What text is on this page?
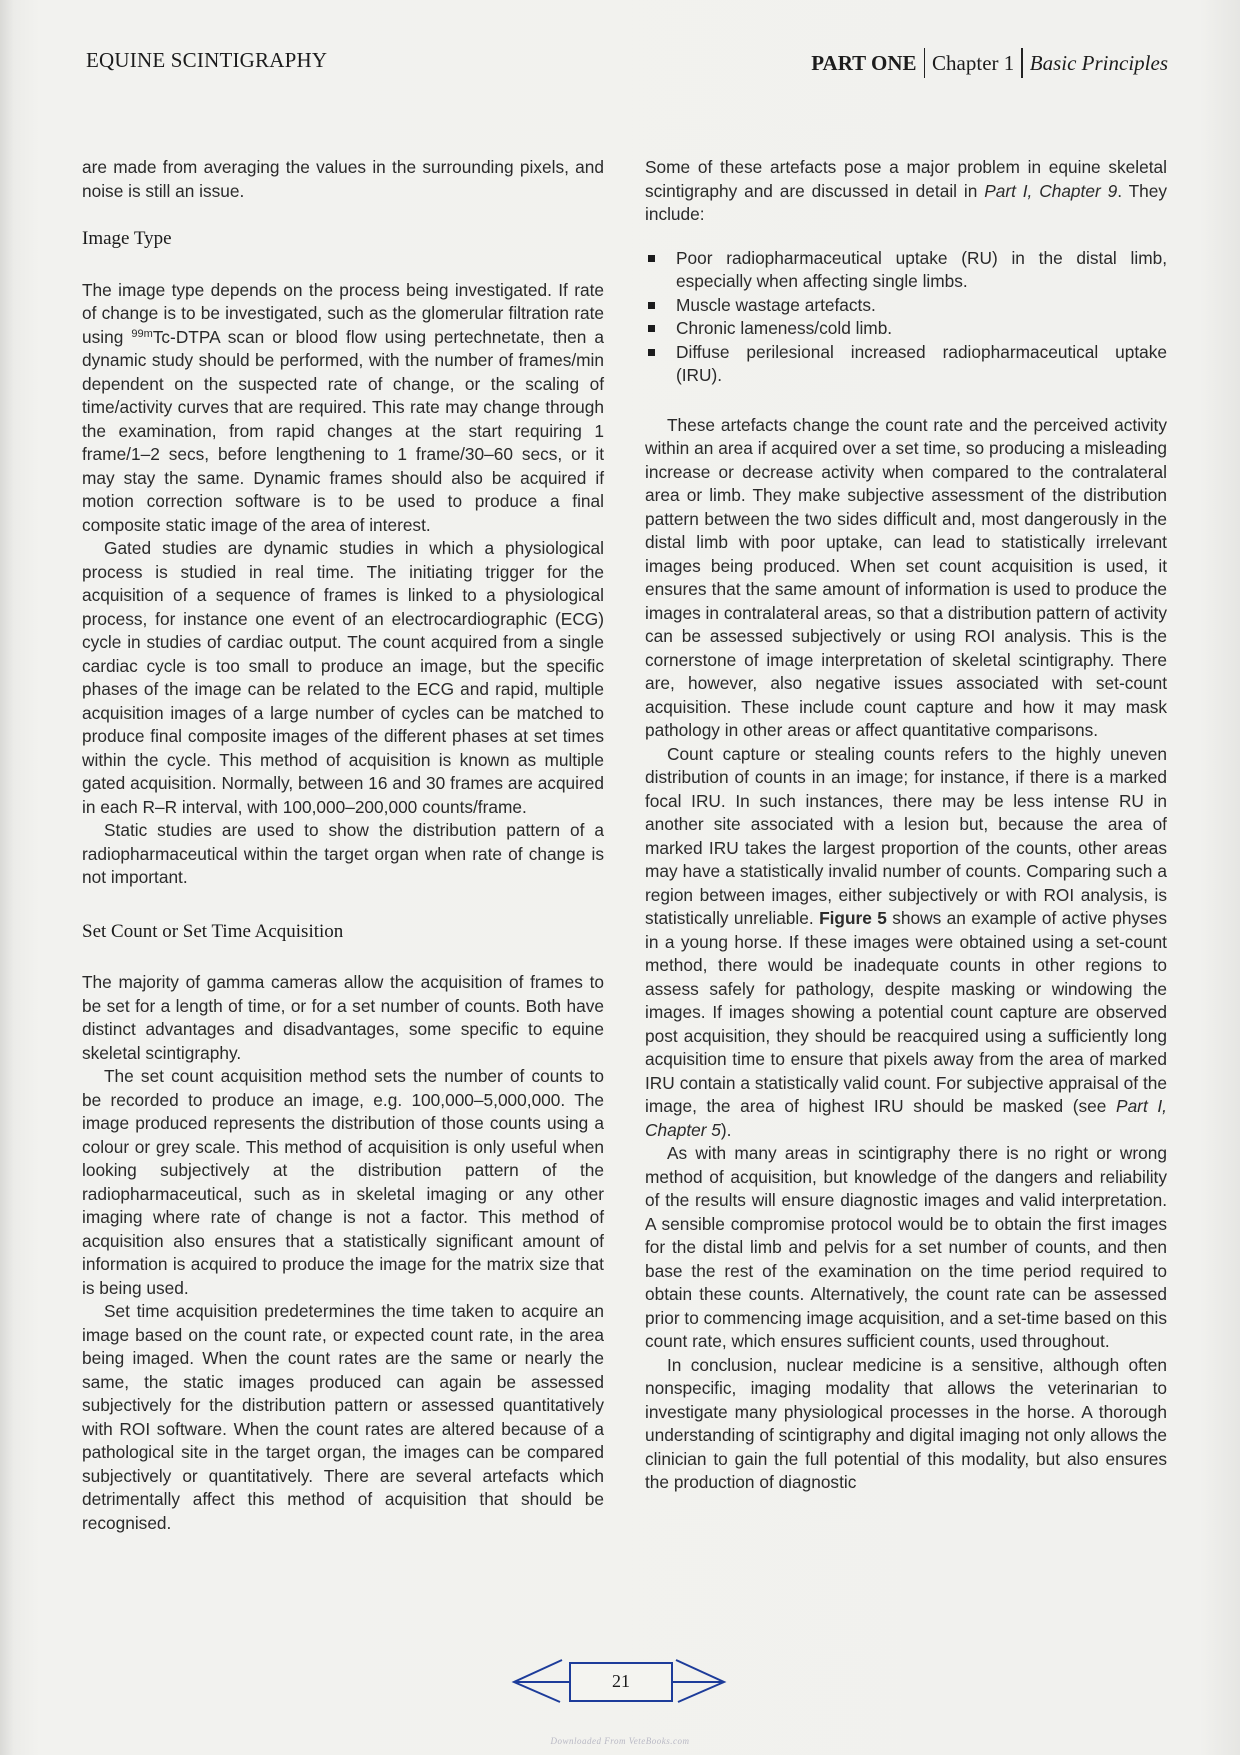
EQUINE SCINTIGRAPHY	PART ONE Chapter 1 Basic Principles

are made from averaging the values in the surrounding pixels, and noise is still an issue.

Image Type

The image type depends on the process being investigated. If rate of change is to be investigated, such as the glomerular filtration rate using $^{99m}$Tc-DTPA scan or blood flow using pertechnetate, then a dynamic study should be performed, with the number of frames/min dependent on the suspected rate of change, or the scaling of time/activity curves that are required. This rate may change through the examination, from rapid changes at the start requiring 1 frame/1–2 secs, before lengthening to 1 frame/30–60 secs, or it may stay the same. Dynamic frames should also be acquired if motion correction software is to be used to produce a final composite static image of the area of interest.

Gated studies are dynamic studies in which a physiological process is studied in real time. The initiating trigger for the acquisition of a sequence of frames is linked to a physiological process, for instance one event of an electrocardiographic (ECG) cycle in studies of cardiac output. The count acquired from a single cardiac cycle is too small to produce an image, but the specific phases of the image can be related to the ECG and rapid, multiple acquisition images of a large number of cycles can be matched to produce final composite images of the different phases at set times within the cycle. This method of acquisition is known as multiple gated acquisition. Normally, between 16 and 30 frames are acquired in each R–R interval, with 100,000–200,000 counts/frame.

Static studies are used to show the distribution pattern of a radiopharmaceutical within the target organ when rate of change is not important.

Set Count or Set Time Acquisition

The majority of gamma cameras allow the acquisition of frames to be set for a length of time, or for a set number of counts. Both have distinct advantages and disadvantages, some specific to equine skeletal scintigraphy.

The set count acquisition method sets the number of counts to be recorded to produce an image, e.g. 100,000–5,000,000. The image produced represents the distribution of those counts using a colour or grey scale. This method of acquisition is only useful when looking subjectively at the distribution pattern of the radiopharmaceutical, such as in skeletal imaging or any other imaging where rate of change is not a factor. This method of acquisition also ensures that a statistically significant amount of information is acquired to produce the image for the matrix size that is being used.

Set time acquisition predetermines the time taken to acquire an image based on the count rate, or expected count rate, in the area being imaged. When the count rates are the same or nearly the same, the static images produced can again be assessed subjectively for the distribution pattern or assessed quantitatively with ROI software. When the count rates are altered because of a pathological site in the target organ, the images can be compared subjectively or quantitatively. There are several artefacts which detrimentally affect this method of acquisition that should be recognised.

Some of these artefacts pose a major problem in equine skeletal scintigraphy and are discussed in detail in Part I, Chapter 9. They include:

Poor radiopharmaceutical uptake (RU) in the distal limb, especially when affecting single limbs.
Muscle wastage artefacts.
Chronic lameness/cold limb.
Diffuse perilesional increased radiopharmaceutical uptake (IRU).

These artefacts change the count rate and the perceived activity within an area if acquired over a set time, so producing a misleading increase or decrease activity when compared to the contralateral area or limb. They make subjective assessment of the distribution pattern between the two sides difficult and, most dangerously in the distal limb with poor uptake, can lead to statistically irrelevant images being produced. When set count acquisition is used, it ensures that the same amount of information is used to produce the images in contralateral areas, so that a distribution pattern of activity can be assessed subjectively or using ROI analysis. This is the cornerstone of image interpretation of skeletal scintigraphy. There are, however, also negative issues associated with set-count acquisition. These include count capture and how it may mask pathology in other areas or affect quantitative comparisons.

Count capture or stealing counts refers to the highly uneven distribution of counts in an image; for instance, if there is a marked focal IRU. In such instances, there may be less intense RU in another site associated with a lesion but, because the area of marked IRU takes the largest proportion of the counts, other areas may have a statistically invalid number of counts. Comparing such a region between images, either subjectively or with ROI analysis, is statistically unreliable. Figure 5 shows an example of active physes in a young horse. If these images were obtained using a set-count method, there would be inadequate counts in other regions to assess safely for pathology, despite masking or windowing the images. If images showing a potential count capture are observed post acquisition, they should be reacquired using a sufficiently long acquisition time to ensure that pixels away from the area of marked IRU contain a statistically valid count. For subjective appraisal of the image, the area of highest IRU should be masked (see Part I, Chapter 5).

As with many areas in scintigraphy there is no right or wrong method of acquisition, but knowledge of the dangers and reliability of the results will ensure diagnostic images and valid interpretation. A sensible compromise protocol would be to obtain the first images for the distal limb and pelvis for a set number of counts, and then base the rest of the examination on the time period required to obtain these counts. Alternatively, the count rate can be assessed prior to commencing image acquisition, and a set-time based on this count rate, which ensures sufficient counts, used throughout.

In conclusion, nuclear medicine is a sensitive, although often nonspecific, imaging modality that allows the veterinarian to investigate many physiological processes in the horse. A thorough understanding of scintigraphy and digital imaging not only allows the clinician to gain the full potential of this modality, but also ensures the production of diagnostic

21
Downloaded From VeteBooks.com
